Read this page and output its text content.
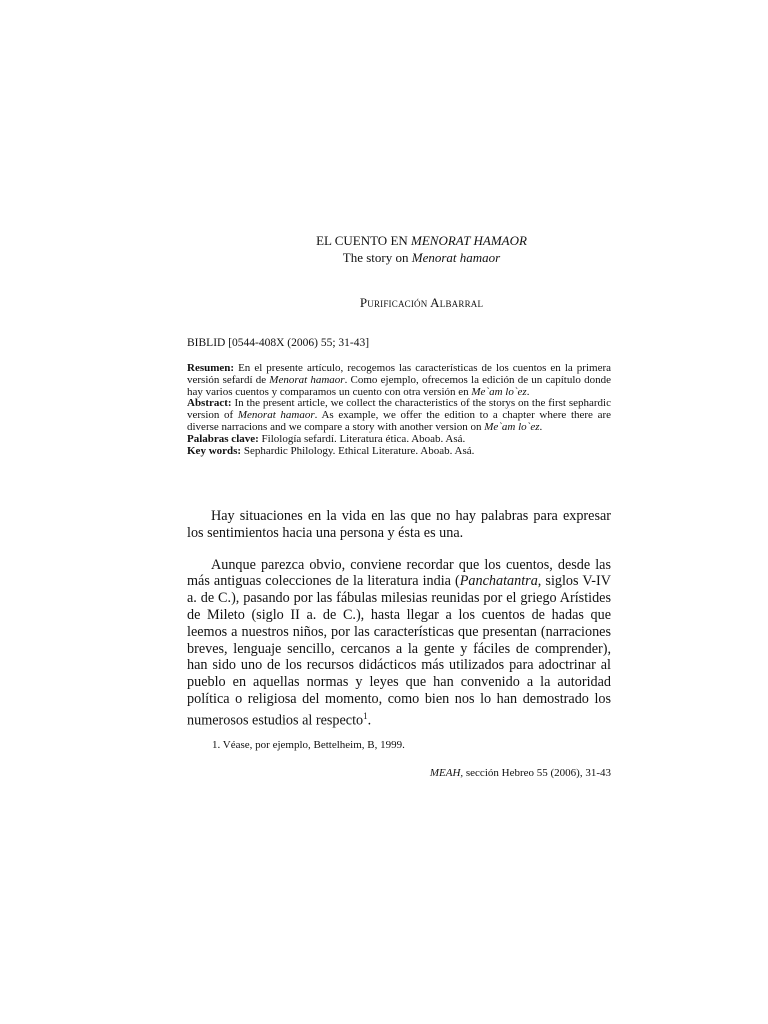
EL CUENTO EN MENORAT HAMAOR
The story on Menorat hamaor
Purificación Albarral
BIBLID [0544-408X (2006) 55; 31-43]

Resumen: En el presente artículo, recogemos las características de los cuentos en la primera versión sefardí de Menorat hamaor. Como ejemplo, ofrecemos la edición de un capítulo donde hay varios cuentos y comparamos un cuento con otra versión en Me`am lo`ez.

Abstract: In the present article, we collect the characteristics of the storys on the first sephardic version of Menorat hamaor. As example, we offer the edition to a chapter where there are diverse narracions and we compare a story with another version on Me`am lo`ez.

Palabras clave: Filología sefardí. Literatura ética. Aboab. Asá.

Key words: Sephardic Philology. Ethical Literature. Aboab. Asá.

Hay situaciones en la vida en las que no hay palabras para expresar los sentimientos hacia una persona y ésta es una.

Aunque parezca obvio, conviene recordar que los cuentos, desde las más antiguas colecciones de la literatura india (Panchatantra, siglos V-IV a. de C.), pasando por las fábulas milesias reunidas por el griego Arístides de Mileto (siglo II a. de C.), hasta llegar a los cuentos de hadas que leemos a nuestros niños, por las características que presentan (narraciones breves, lenguaje sencillo, cercanos a la gente y fáciles de comprender), han sido uno de los recursos didácticos más utilizados para adoctrinar al pueblo en aquellas normas y leyes que han convenido a la autoridad política o religiosa del momento, como bien nos lo han demostrado los numerosos estudios al respecto$^1$.

1. Véase, por ejemplo, Bettelheim, B, 1999.
MEAH, sección Hebreo 55 (2006), 31-43
